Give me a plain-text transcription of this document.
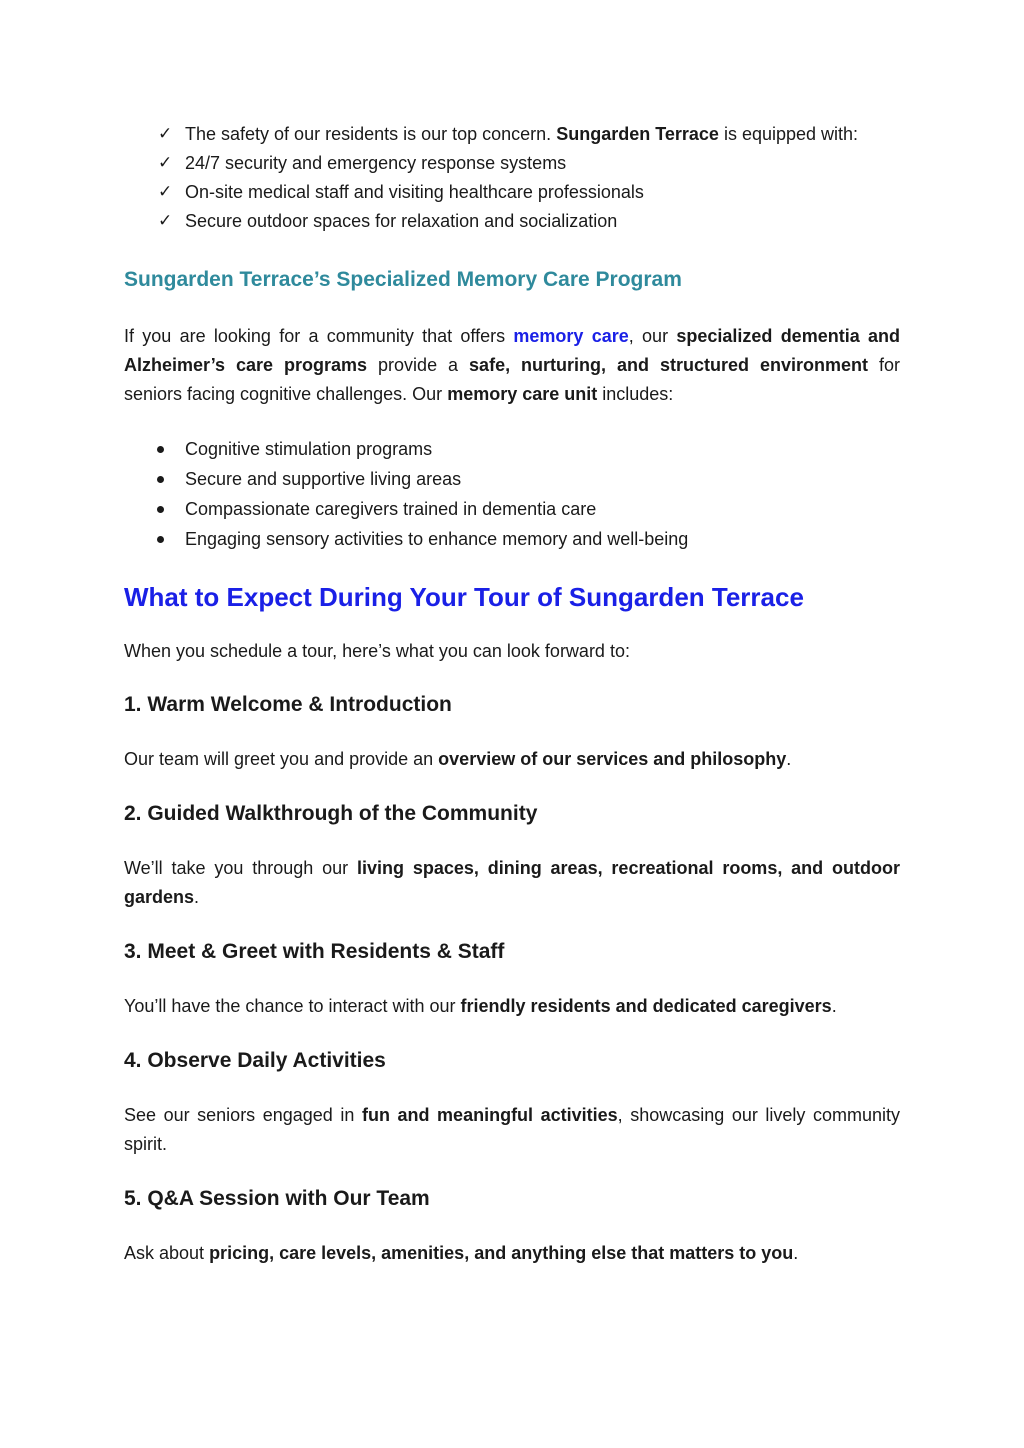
✓ The safety of our residents is our top concern. Sungarden Terrace is equipped with:
✓ 24/7 security and emergency response systems
✓ On-site medical staff and visiting healthcare professionals
✓ Secure outdoor spaces for relaxation and socialization
Sungarden Terrace’s Specialized Memory Care Program

If you are looking for a community that offers memory care, our specialized dementia and Alzheimer’s care programs provide a safe, nurturing, and structured environment for seniors facing cognitive challenges. Our memory care unit includes:

Cognitive stimulation programs
Secure and supportive living areas
Compassionate caregivers trained in dementia care
Engaging sensory activities to enhance memory and well-being
What to Expect During Your Tour of Sungarden Terrace

When you schedule a tour, here’s what you can look forward to:

1. Warm Welcome & Introduction

Our team will greet you and provide an overview of our services and philosophy.

2. Guided Walkthrough of the Community

We’ll take you through our living spaces, dining areas, recreational rooms, and outdoor gardens.

3. Meet & Greet with Residents & Staff

You’ll have the chance to interact with our friendly residents and dedicated caregivers.

4. Observe Daily Activities

See our seniors engaged in fun and meaningful activities, showcasing our lively community spirit.

5. Q&A Session with Our Team

Ask about pricing, care levels, amenities, and anything else that matters to you.
